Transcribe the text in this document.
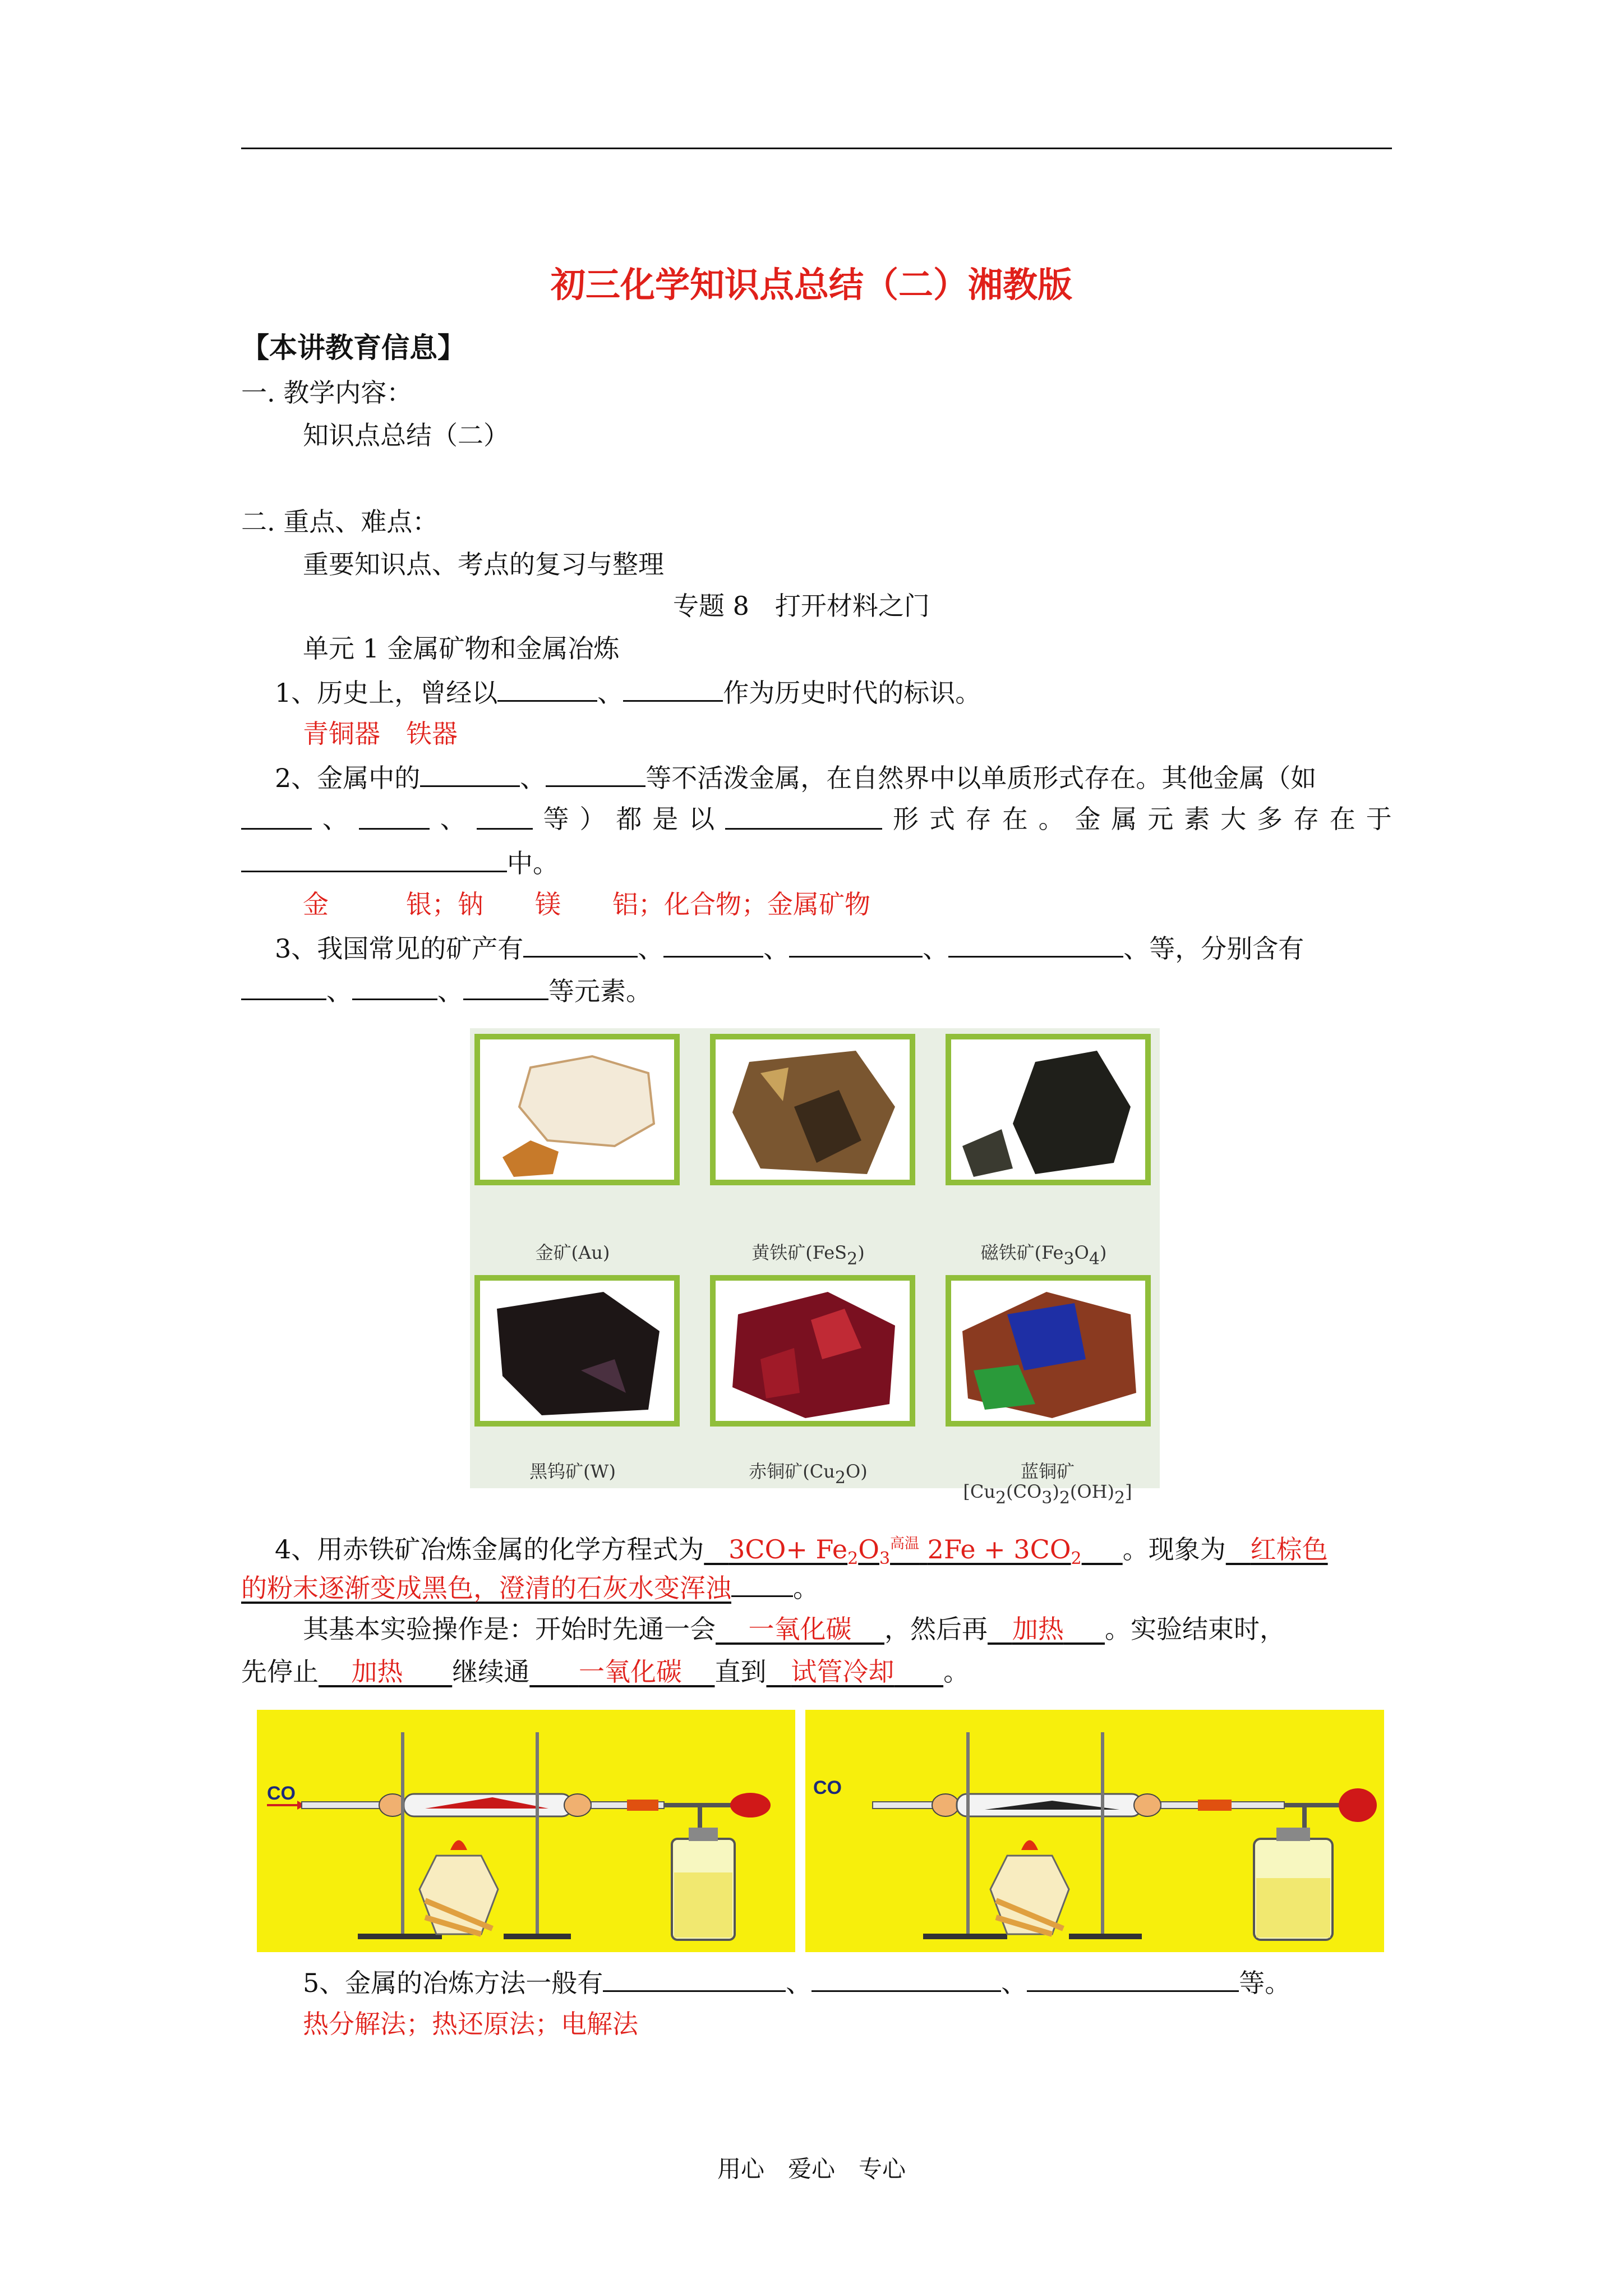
初三化学知识点总结（二）湘教版
【本讲教育信息】
一. 教学内容：
知识点总结（二）
二. 重点、难点：
重要知识点、考点的复习与整理
专题 8　打开材料之门
单元 1 金属矿物和金属冶炼
1、历史上，曾经以	、	作为历史时代的标识。
青铜器　铁器
2、金属中的	、	等不活泼金属，在自然界中以单质形式存在。其他金属（如
、	、	等 ） 都 是 以	形 式 存 在 。 金 属 元 素 大 多 存 在 于
中。
金　　　银；钠　　镁　　铝；化合物；金属矿物
3、我国常见的矿产有	、	、	、	、等，分别含有
、	、	等元素。
金矿(Au)	黄铁矿(FeS2)	磁铁矿(Fe3O4)
黑钨矿(W)	赤铜矿(Cu2O)	蓝铜矿[Cu2(CO3)2(OH)2]
4、用赤铁矿冶炼金属的化学方程式为 $3CO+ Fe_2O_3^{高温}$ $2Fe + 3CO_2$ 。现象为 红棕色
的粉末逐渐变成黑色，澄清的石灰水变浑浊 。
其基本实验操作是：开始时先通一会 一氧化碳 ，然后再 加热 。实验结束时，
先停止 加热 继续通 一氧化碳 直到 试管冷却 。
CO	CO
5、金属的冶炼方法一般有	、	、	等。
热分解法；热还原法；电解法
用心　爱心　专心
